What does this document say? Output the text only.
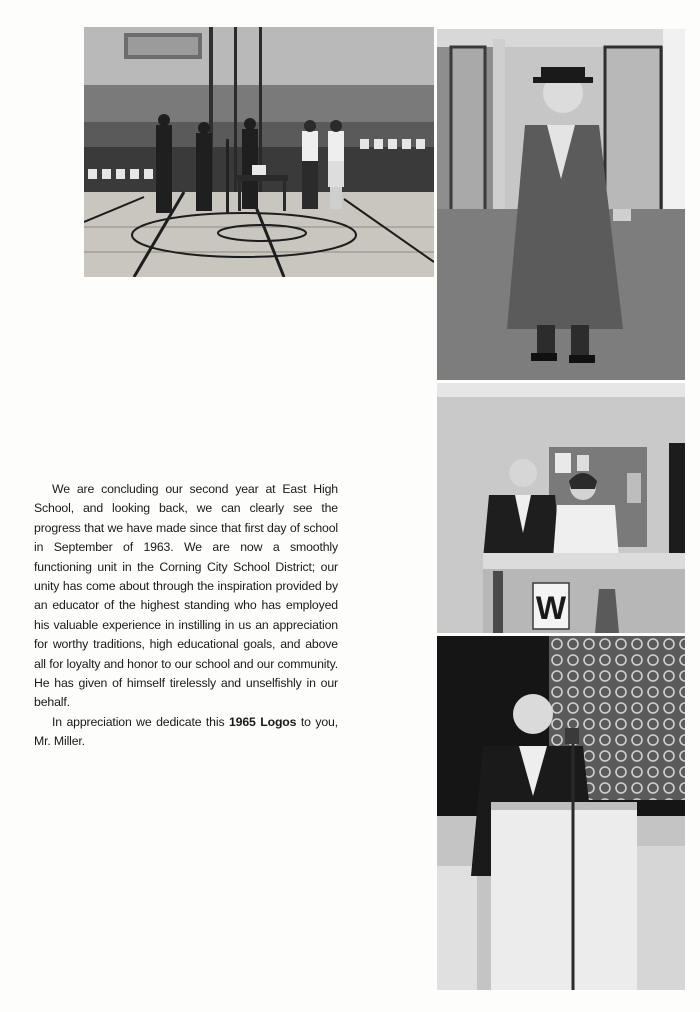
W

We are concluding our second year at East High School, and looking back, we can clearly see the progress that we have made since that first day of school in September of 1963. We are now a smoothly functioning unit in the Corning City School District; our unity has come about through the inspiration provided by an educator of the highest standing who has employed his valuable experience in instilling in us an appreciation for worthy traditions, high educational goals, and above all for loyalty and honor to our school and our community. He has given of himself tirelessly and unselfishly in our behalf.

In appreciation we dedicate this 1965 Logos to you, Mr. Miller.
